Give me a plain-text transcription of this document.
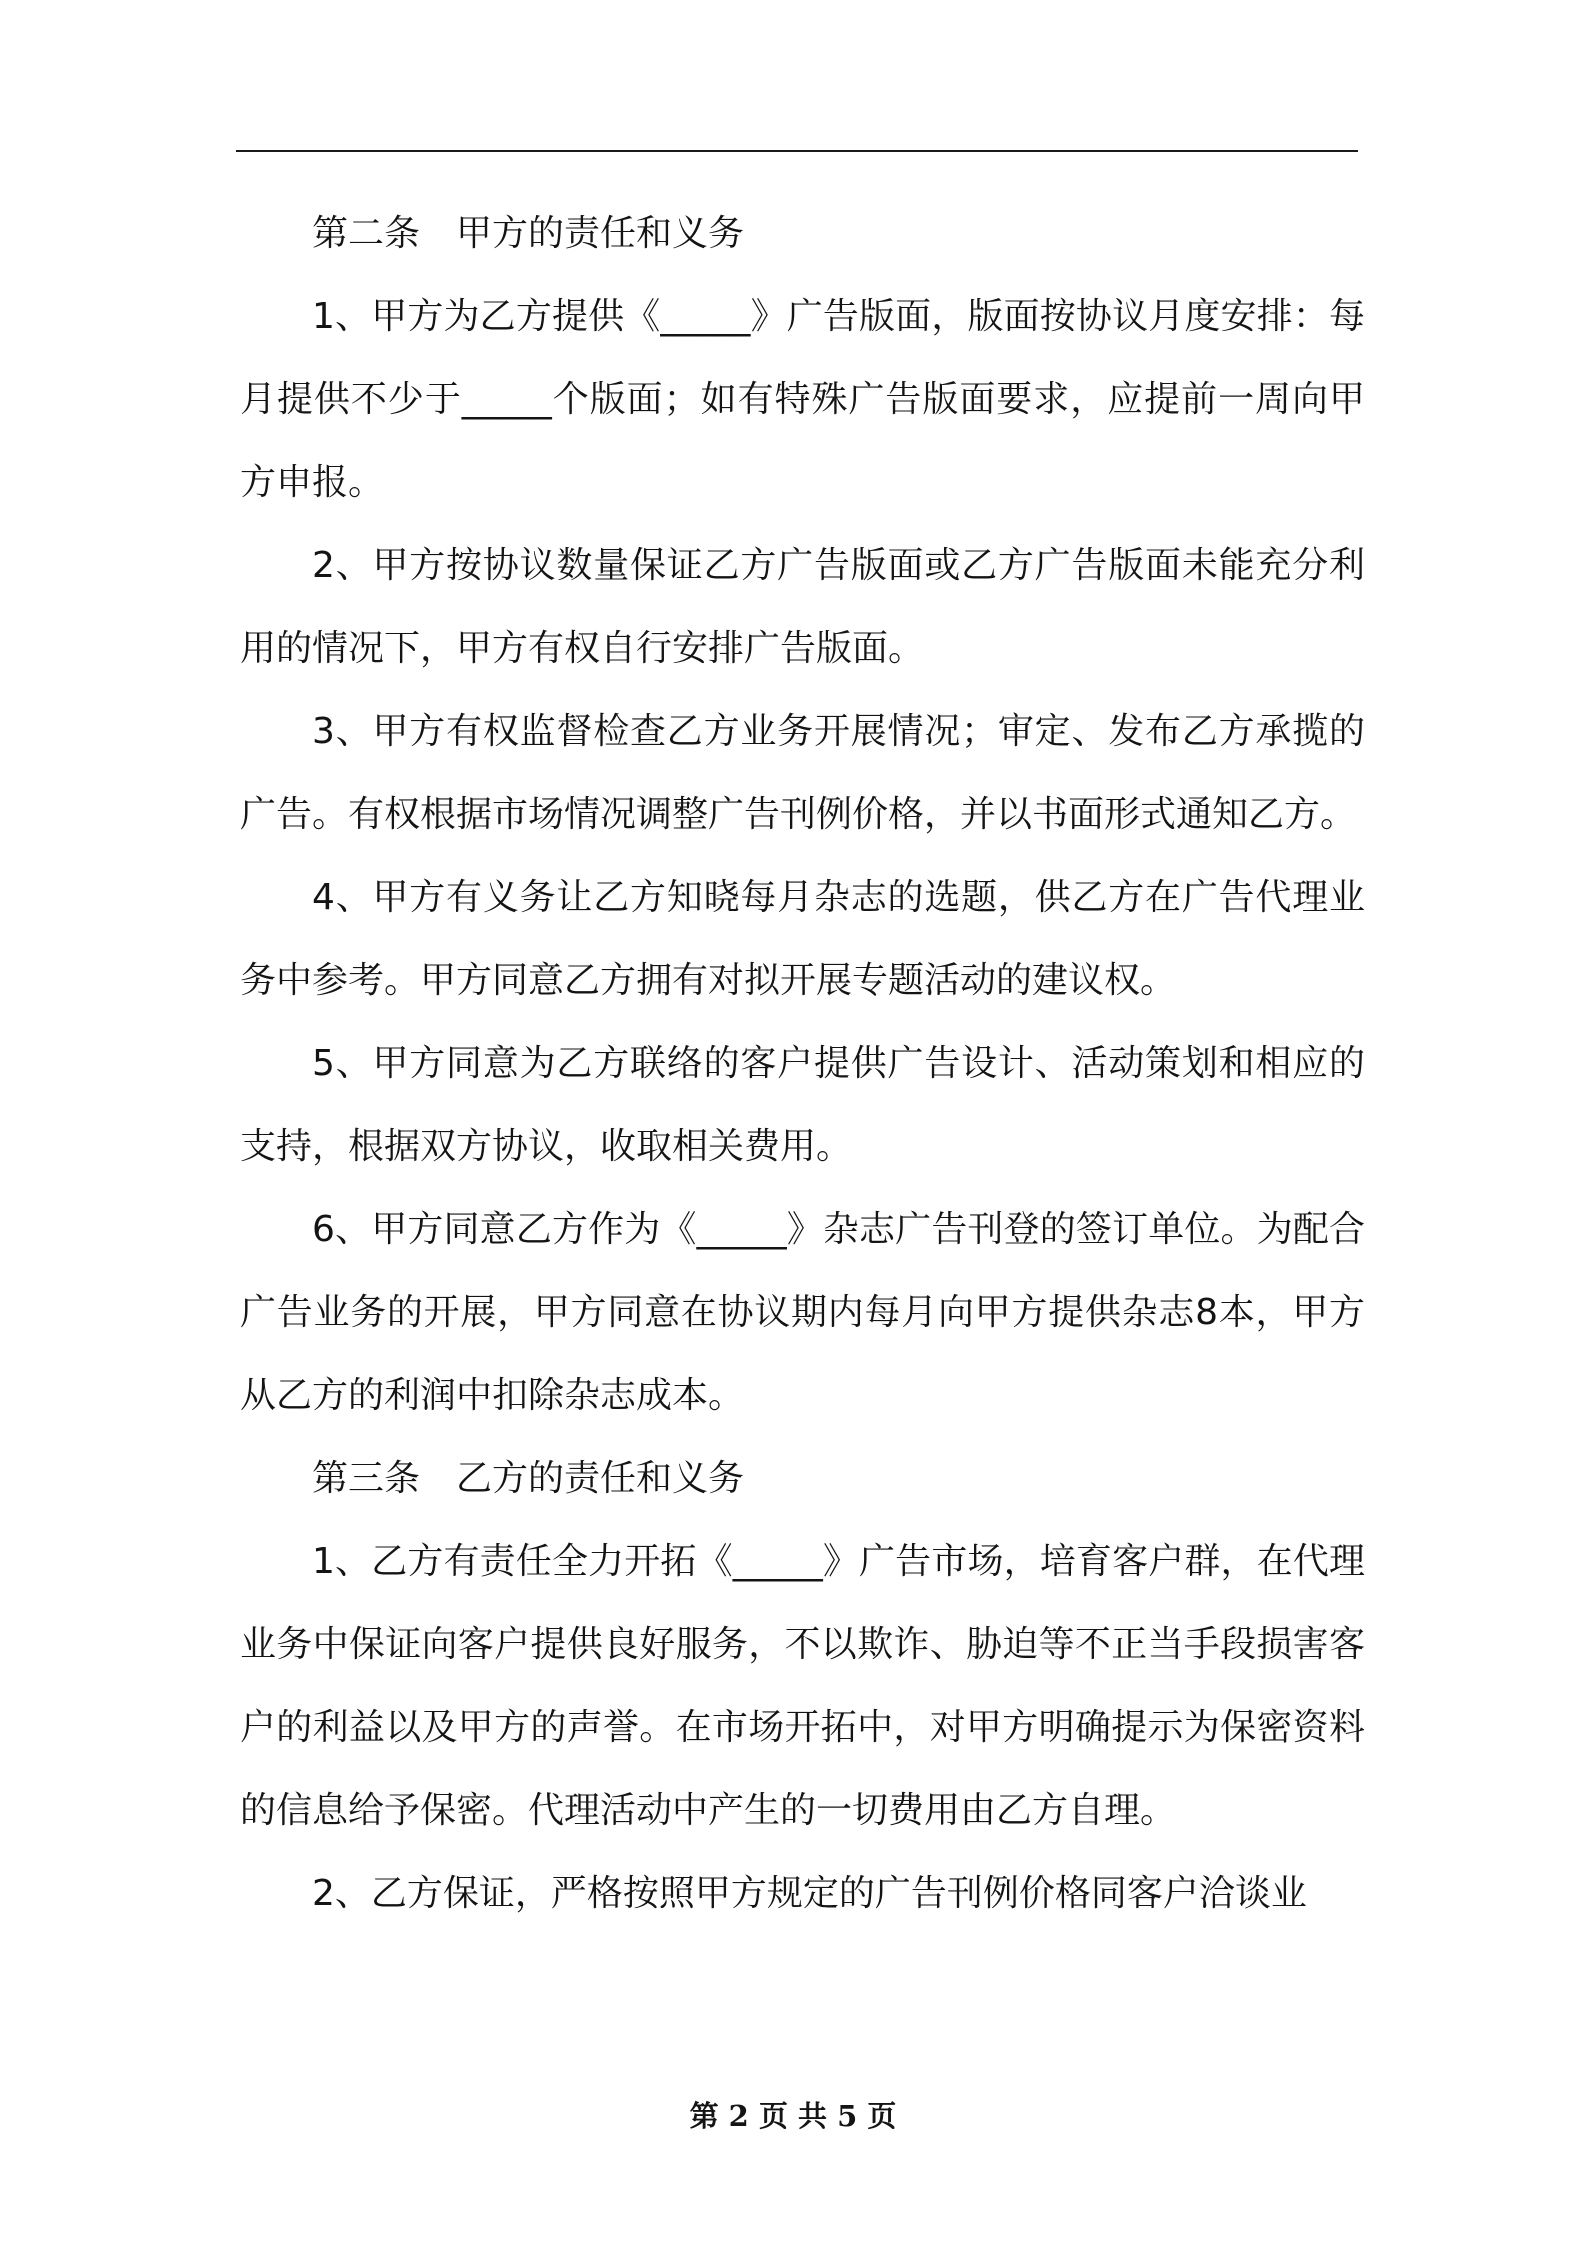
第二条　甲方的责任和义务

1、甲方为乙方提供《_____》广告版面，版面按协议月度安排：每月提供不少于_____个版面；如有特殊广告版面要求，应提前一周向甲方申报。

2、甲方按协议数量保证乙方广告版面或乙方广告版面未能充分利用的情况下，甲方有权自行安排广告版面。

3、甲方有权监督检查乙方业务开展情况；审定、发布乙方承揽的广告。有权根据市场情况调整广告刊例价格，并以书面形式通知乙方。

4、甲方有义务让乙方知晓每月杂志的选题，供乙方在广告代理业务中参考。甲方同意乙方拥有对拟开展专题活动的建议权。

5、甲方同意为乙方联络的客户提供广告设计、活动策划和相应的支持，根据双方协议，收取相关费用。

6、甲方同意乙方作为《_____》杂志广告刊登的签订单位。为配合广告业务的开展，甲方同意在协议期内每月向甲方提供杂志8本，甲方从乙方的利润中扣除杂志成本。

第三条　乙方的责任和义务

1、乙方有责任全力开拓《_____》广告市场，培育客户群，在代理业务中保证向客户提供良好服务，不以欺诈、胁迫等不正当手段损害客户的利益以及甲方的声誉。在市场开拓中，对甲方明确提示为保密资料的信息给予保密。代理活动中产生的一切费用由乙方自理。

2、乙方保证，严格按照甲方规定的广告刊例价格同客户洽谈业

第 2 页 共 5 页
